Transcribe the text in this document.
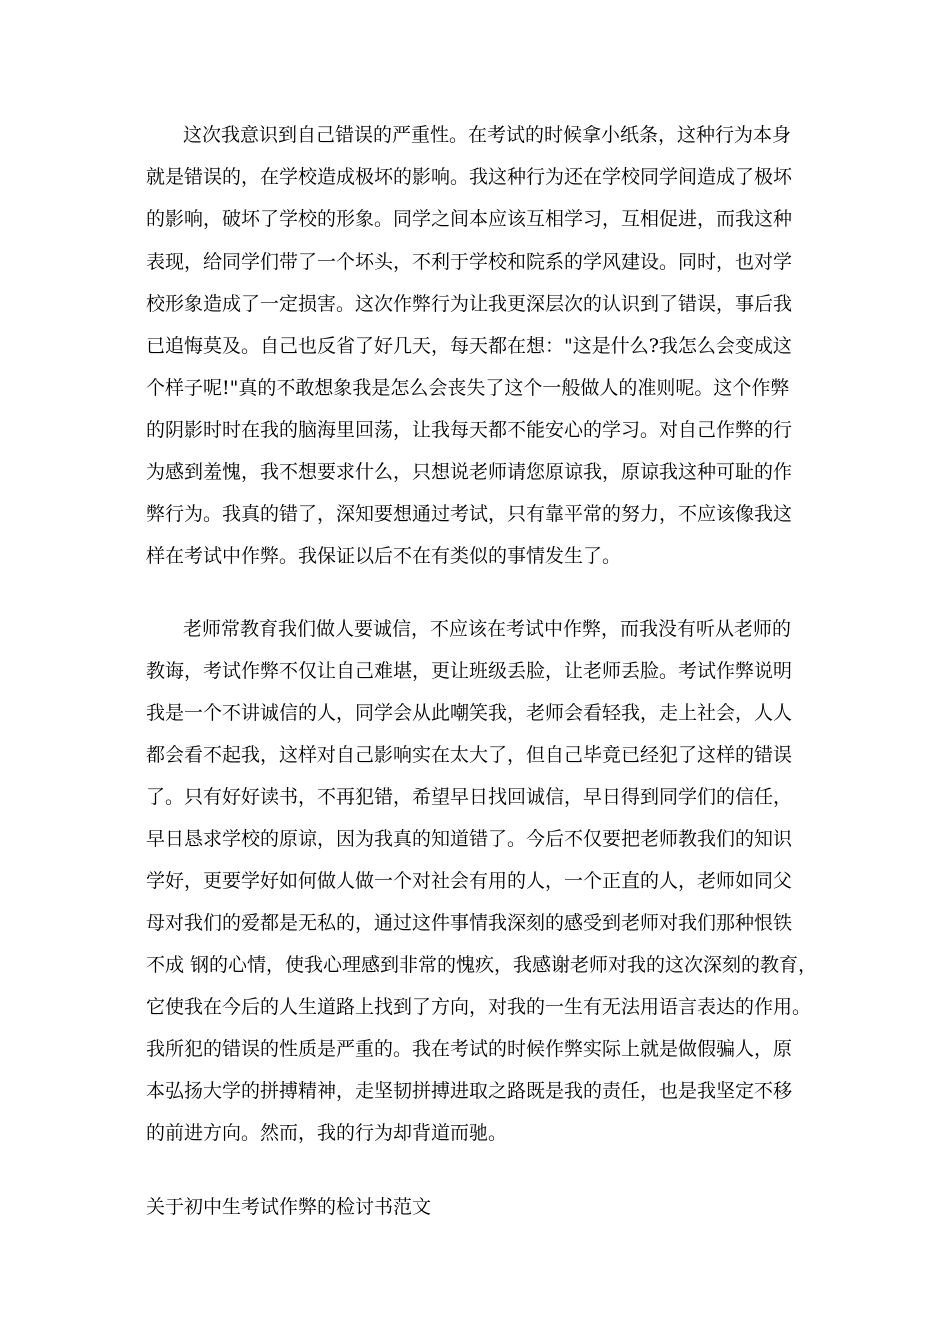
这次我意识到自己错误的严重性。在考试的时候拿小纸条，这种行为本身
就是错误的，在学校造成极坏的影响。我这种行为还在学校同学间造成了极坏
的影响，破坏了学校的形象。同学之间本应该互相学习，互相促进，而我这种
表现，给同学们带了一个坏头，不利于学校和院系的学风建设。同时，也对学
校形象造成了一定损害。这次作弊行为让我更深层次的认识到了错误，事后我
已追悔莫及。自己也反省了好几天，每天都在想："这是什么?我怎么会变成这
个样子呢!"真的不敢想象我是怎么会丧失了这个一般做人的准则呢。这个作弊
的阴影时时在我的脑海里回荡，让我每天都不能安心的学习。对自己作弊的行
为感到羞愧，我不想要求什么，只想说老师请您原谅我，原谅我这种可耻的作
弊行为。我真的错了，深知要想通过考试，只有靠平常的努力，不应该像我这
样在考试中作弊。我保证以后不在有类似的事情发生了。
老师常教育我们做人要诚信，不应该在考试中作弊，而我没有听从老师的
教诲，考试作弊不仅让自己难堪，更让班级丢脸，让老师丢脸。考试作弊说明
我是一个不讲诚信的人，同学会从此嘲笑我，老师会看轻我，走上社会，人人
都会看不起我，这样对自己影响实在太大了，但自己毕竟已经犯了这样的错误
了。只有好好读书，不再犯错，希望早日找回诚信，早日得到同学们的信任，
早日恳求学校的原谅，因为我真的知道错了。今后不仅要把老师教我们的知识
学好，更要学好如何做人做一个对社会有用的人，一个正直的人，老师如同父
母对我们的爱都是无私的，通过这件事情我深刻的感受到老师对我们那种恨铁
不成 钢的心情，使我心理感到非常的愧疚，我感谢老师对我的这次深刻的教育，
它使我在今后的人生道路上找到了方向，对我的一生有无法用语言表达的作用。
我所犯的错误的性质是严重的。我在考试的时候作弊实际上就是做假骗人，原
本弘扬大学的拼搏精神，走坚韧拼搏进取之路既是我的责任，也是我坚定不移
的前进方向。然而，我的行为却背道而驰。
关于初中生考试作弊的检讨书范文
